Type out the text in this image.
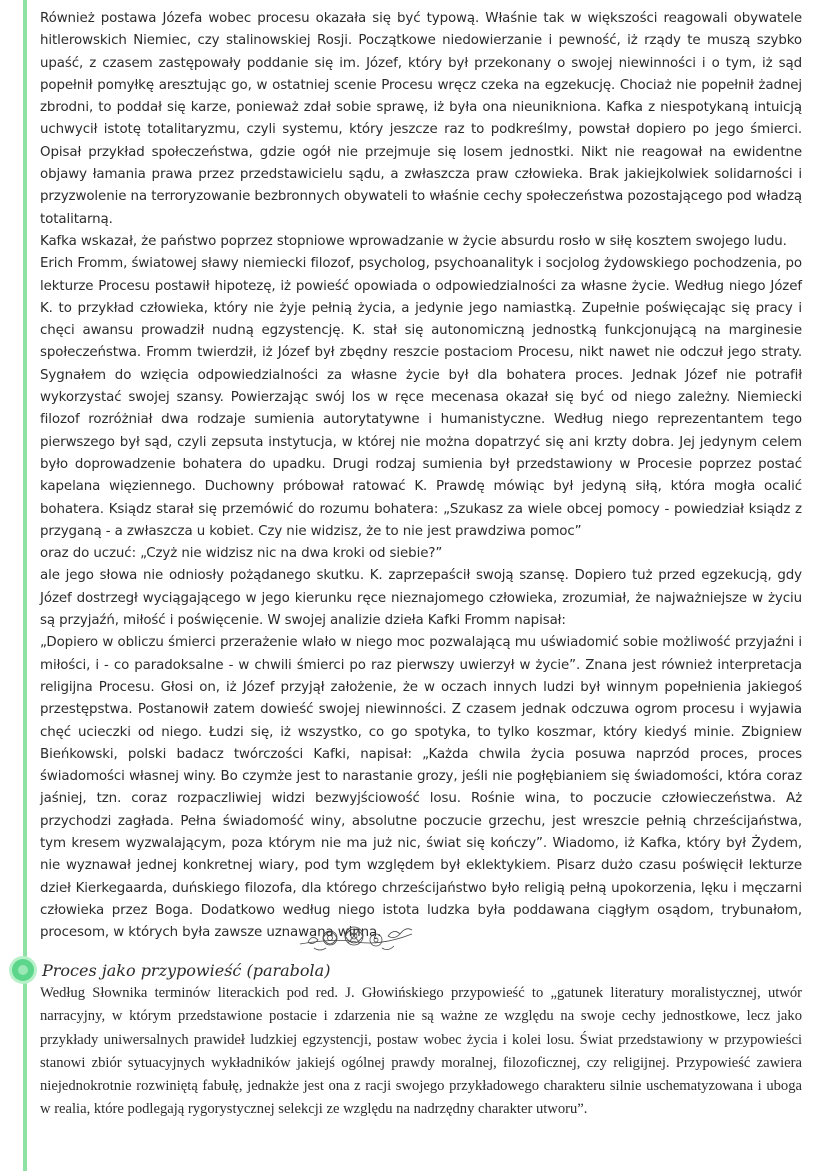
Również postawa Józefa wobec procesu okazała się być typową. Właśnie tak w większości reagowali obywatele hitlerowskich Niemiec, czy stalinowskiej Rosji. Początkowe niedowierzanie i pewność, iż rządy te muszą szybko upaść, z czasem zastępowały poddanie się im. Józef, który był przekonany o swojej niewinności i o tym, iż sąd popełnił pomyłkę aresztując go, w ostatniej scenie Procesu wręcz czeka na egzekucję. Chociaż nie popełnił żadnej zbrodni, to poddał się karze, ponieważ zdał sobie sprawę, iż była ona nieunikniona. Kafka z niespotykaną intuicją uchwycił istotę totalitaryzmu, czyli systemu, który jeszcze raz to podkreślmy, powstał dopiero po jego śmierci. Opisał przykład społeczeństwa, gdzie ogół nie przejmuje się losem jednostki. Nikt nie reagował na ewidentne objawy łamania prawa przez przedstawicielu sądu, a zwłaszcza praw człowieka. Brak jakiejkolwiek solidarności i przyzwolenie na terroryzowanie bezbronnych obywateli to właśnie cechy społeczeństwa pozostającego pod władzą totalitarną.

Kafka wskazał, że państwo poprzez stopniowe wprowadzanie w życie absurdu rosło w siłę kosztem swojego ludu.

Erich Fromm, światowej sławy niemiecki filozof, psycholog, psychoanalityk i socjolog żydowskiego pochodzenia, po lekturze Procesu postawił hipotezę, iż powieść opowiada o odpowiedzialności za własne życie. Według niego Józef K. to przykład człowieka, który nie żyje pełnią życia, a jedynie jego namiastką. Zupełnie poświęcając się pracy i chęci awansu prowadził nudną egzystencję. K. stał się autonomiczną jednostką funkcjonującą na marginesie społeczeństwa. Fromm twierdził, iż Józef był zbędny reszcie postaciom Procesu, nikt nawet nie odczuł jego straty. Sygnałem do wzięcia odpowiedzialności za własne życie był dla bohatera proces. Jednak Józef nie potrafił wykorzystać swojej szansy. Powierzając swój los w ręce mecenasa okazał się być od niego zależny. Niemiecki filozof rozróżniał dwa rodzaje sumienia autorytatywne i humanistyczne. Według niego reprezentantem tego pierwszego był sąd, czyli zepsuta instytucja, w której nie można dopatrzyć się ani krzty dobra. Jej jedynym celem było doprowadzenie bohatera do upadku. Drugi rodzaj sumienia był przedstawiony w Procesie poprzez postać kapelana więziennego. Duchowny próbował ratować K. Prawdę mówiąc był jedyną siłą, która mogła ocalić bohatera. Ksiądz starał się przemówić do rozumu bohatera: „Szukasz za wiele obcej pomocy - powiedział ksiądz z przyganą - a zwłaszcza u kobiet. Czy nie widzisz, że to nie jest prawdziwa pomoc”

oraz do uczuć: „Czyż nie widzisz nic na dwa kroki od siebie?”

ale jego słowa nie odniosły pożądanego skutku. K. zaprzepaścił swoją szansę. Dopiero tuż przed egzekucją, gdy Józef dostrzegł wyciągającego w jego kierunku ręce nieznajomego człowieka, zrozumiał, że najważniejsze w życiu są przyjaźń, miłość i poświęcenie. W swojej analizie dzieła Kafki Fromm napisał:

„Dopiero w obliczu śmierci przerażenie wlało w niego moc pozwalającą mu uświadomić sobie możliwość przyjaźni i miłości, i - co paradoksalne - w chwili śmierci po raz pierwszy uwierzył w życie”. Znana jest również interpretacja religijna Procesu. Głosi on, iż Józef przyjął założenie, że w oczach innych ludzi był winnym popełnienia jakiegoś przestępstwa. Postanowił zatem dowieść swojej niewinności. Z czasem jednak odczuwa ogrom procesu i wyjawia chęć ucieczki od niego. Łudzi się, iż wszystko, co go spotyka, to tylko koszmar, który kiedyś minie. Zbigniew Bieńkowski, polski badacz twórczości Kafki, napisał: „Każda chwila życia posuwa naprzód proces, proces świadomości własnej winy. Bo czymże jest to narastanie grozy, jeśli nie pogłębianiem się świadomości, która coraz jaśniej, tzn. coraz rozpaczliwiej widzi bezwyjściowość losu. Rośnie wina, to poczucie człowieczeństwa. Aż przychodzi zagłada. Pełna świadomość winy, absolutne poczucie grzechu, jest wreszcie pełnią chrześcijaństwa, tym kresem wyzwalającym, poza którym nie ma już nic, świat się kończy”. Wiadomo, iż Kafka, który był Żydem, nie wyznawał jednej konkretnej wiary, pod tym względem był eklektykiem. Pisarz dużo czasu poświęcił lekturze dzieł Kierkegaarda, duńskiego filozofa, dla którego chrześcijaństwo było religią pełną upokorzenia, lęku i męczarni człowieka przez Boga. Dodatkowo według niego istota ludzka była poddawana ciągłym osądom, trybunałom, procesom, w których była zawsze uznawana winną.

Proces jako przypowieść (parabola)

Według Słownika terminów literackich pod red. J. Głowińskiego przypowieść to „gatunek literatury moralistycznej, utwór narracyjny, w którym przedstawione postacie i zdarzenia nie są ważne ze względu na swoje cechy jednostkowe, lecz jako przykłady uniwersalnych prawideł ludzkiej egzystencji, postaw wobec życia i kolei losu. Świat przedstawiony w przypowieści stanowi zbiór sytuacyjnych wykładników jakiejś ogólnej prawdy moralnej, filozoficznej, czy religijnej. Przypowieść zawiera niejednokrotnie rozwiniętą fabułę, jednakże jest ona z racji swojego przykładowego charakteru silnie uschematyzowana i uboga w realia, które podlegają rygorystycznej selekcji ze względu na nadrzędny charakter utworu”.
